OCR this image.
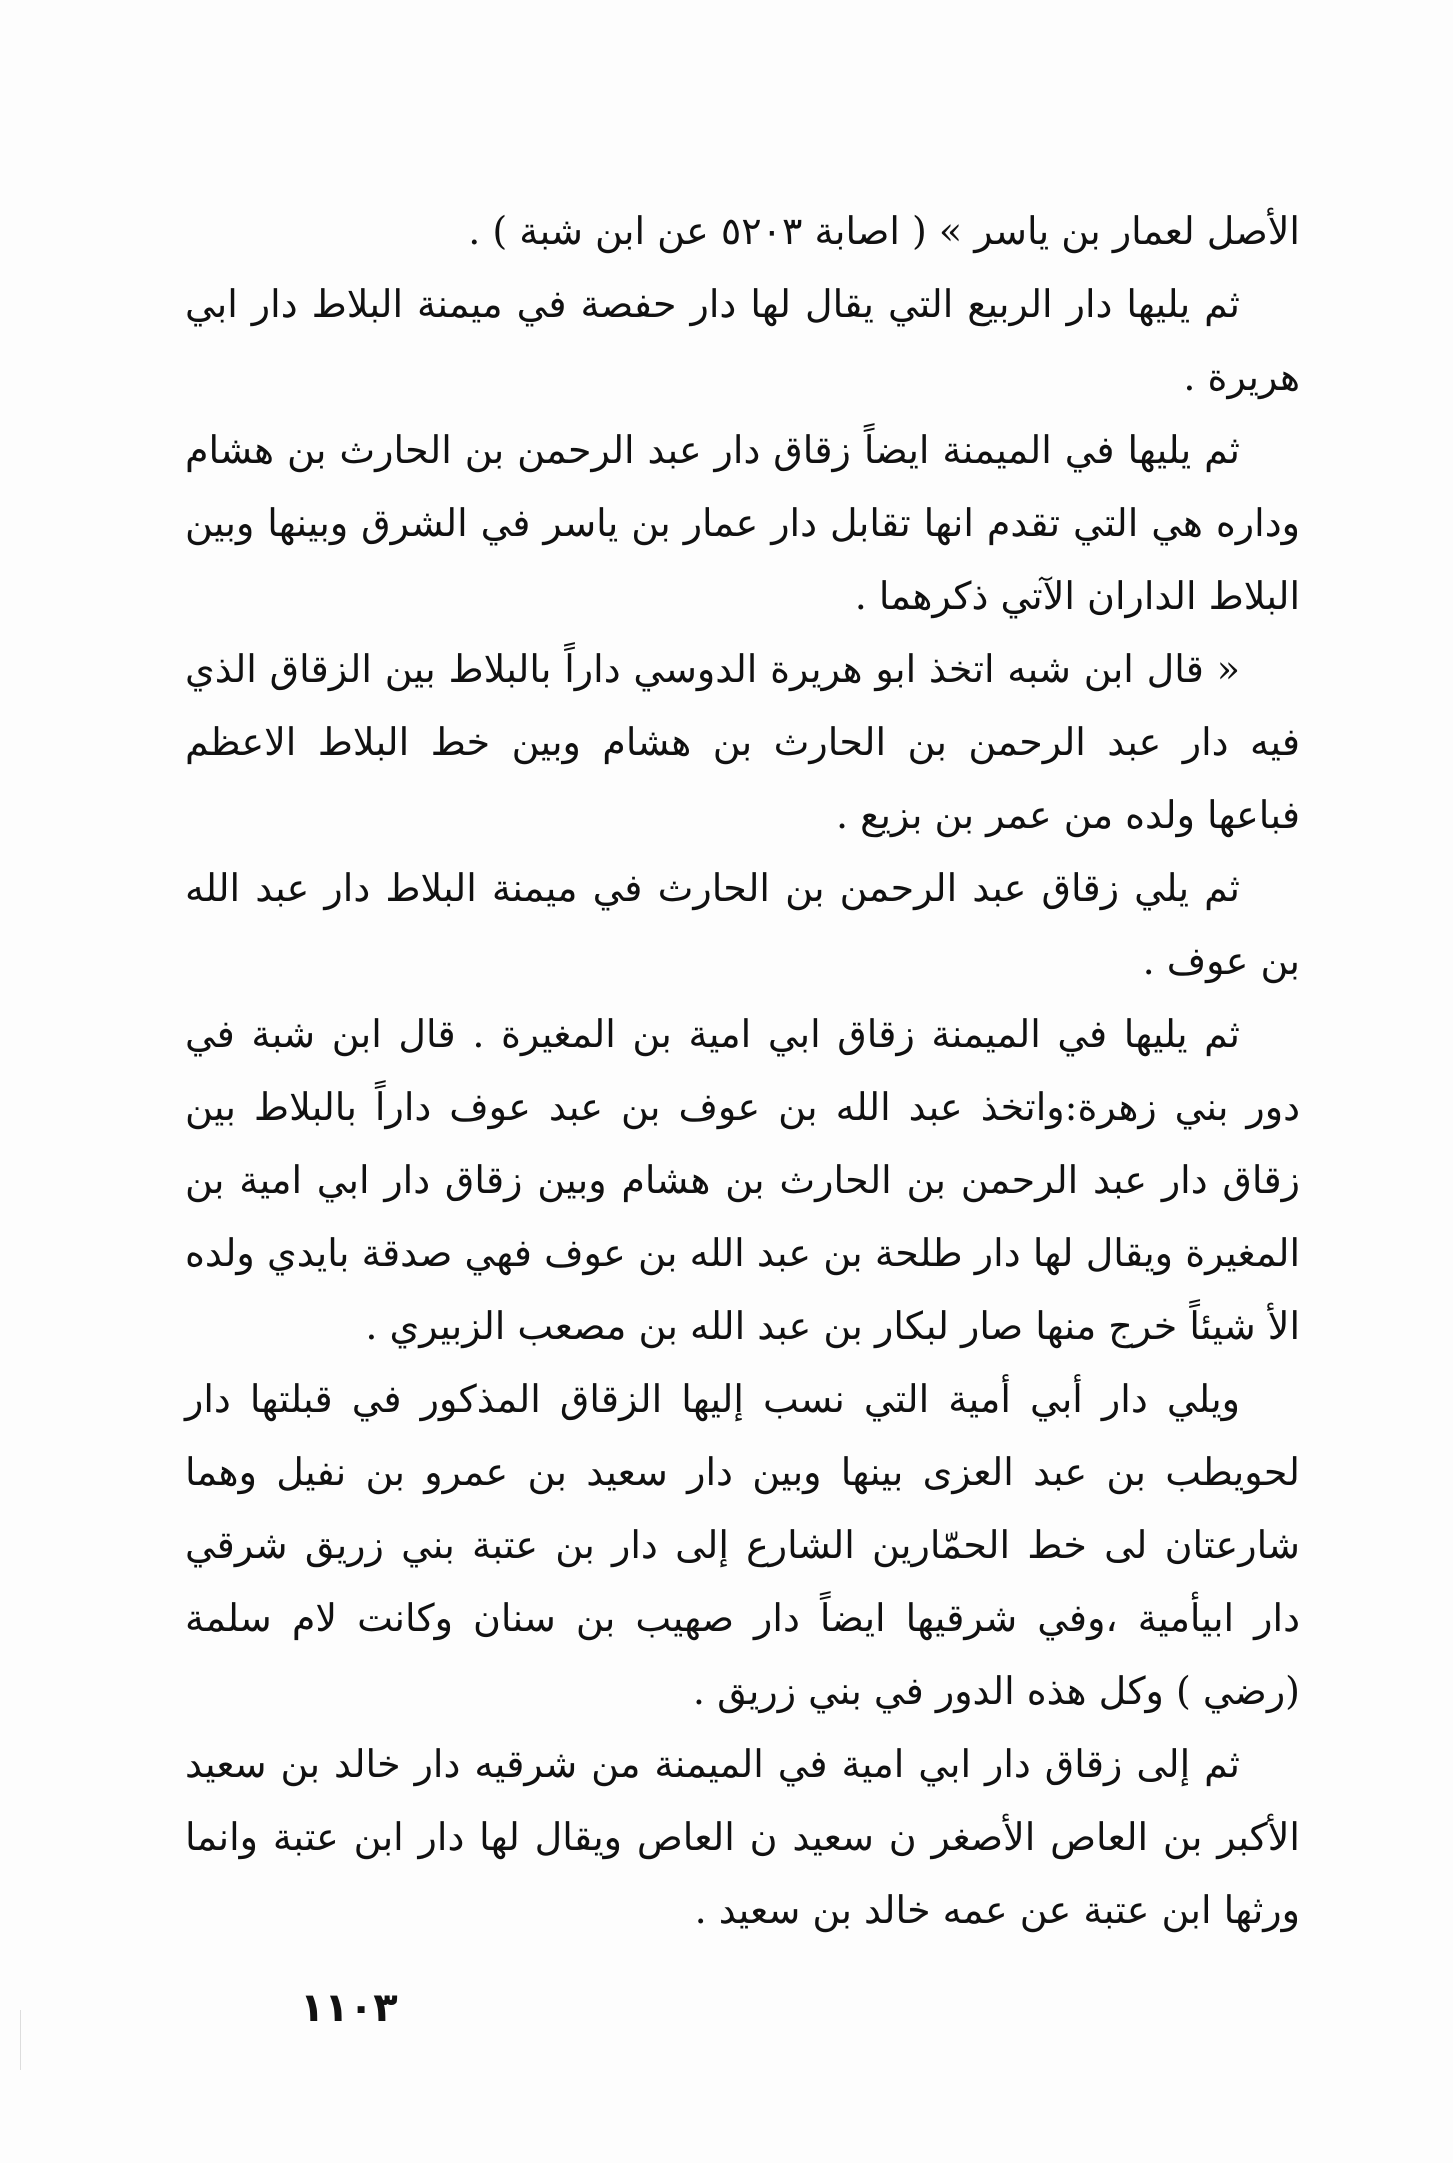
الأصل لعمار بن ياسر » ( اصابة ٥٢٠٣ عن ابن شبة ) .

ثم يليها دار الربيع التي يقال لها دار حفصة في ميمنة البلاط دار ابي هريرة .

ثم يليها في الميمنة ايضاً زقاق دار عبد الرحمن بن الحارث بن هشام وداره هي التي تقدم انها تقابل دار عمار بن ياسر في الشرق وبينها وبين البلاط الداران الآتي ذكرهما .

« قال ابن شبه اتخذ ابو هريرة الدوسي داراً بالبلاط بين الزقاق الذي فيه دار عبد الرحمن بن الحارث بن هشام وبين خط البلاط الاعظم فباعها ولده من عمر بن بزيع .

ثم يلي زقاق عبد الرحمن بن الحارث في ميمنة البلاط دار عبد الله بن عوف .

ثم يليها في الميمنة زقاق ابي امية بن المغيرة . قال ابن شبة في دور بني زهرة:واتخذ عبد الله بن عوف بن عبد عوف داراً بالبلاط بين زقاق دار عبد الرحمن بن الحارث بن هشام وبين زقاق دار ابي امية بن المغيرة ويقال لها دار طلحة بن عبد الله بن عوف فهي صدقة بايدي ولده الأ شيئاً خرج منها صار لبكار بن عبد الله بن مصعب الزبيري .

ويلي دار أبي أمية التي نسب إليها الزقاق المذكور في قبلتها دار لحويطب بن عبد العزى بينها وبين دار سعيد بن عمرو بن نفيل وهما شارعتان لى خط الحمّارين الشارع إلى دار بن عتبة بني زريق شرقي دار ابيأمية ،وفي شرقيها ايضاً دار صهيب بن سنان وكانت لام سلمة (رضي ) وكل هذه الدور في بني زريق .

ثم إلى زقاق دار ابي امية في الميمنة من شرقيه دار خالد بن سعيد الأكبر بن العاص الأصغر ن سعيد ن العاص ويقال لها دار ابن عتبة وانما ورثها ابن عتبة عن عمه خالد بن سعيد .

١١٠٣
